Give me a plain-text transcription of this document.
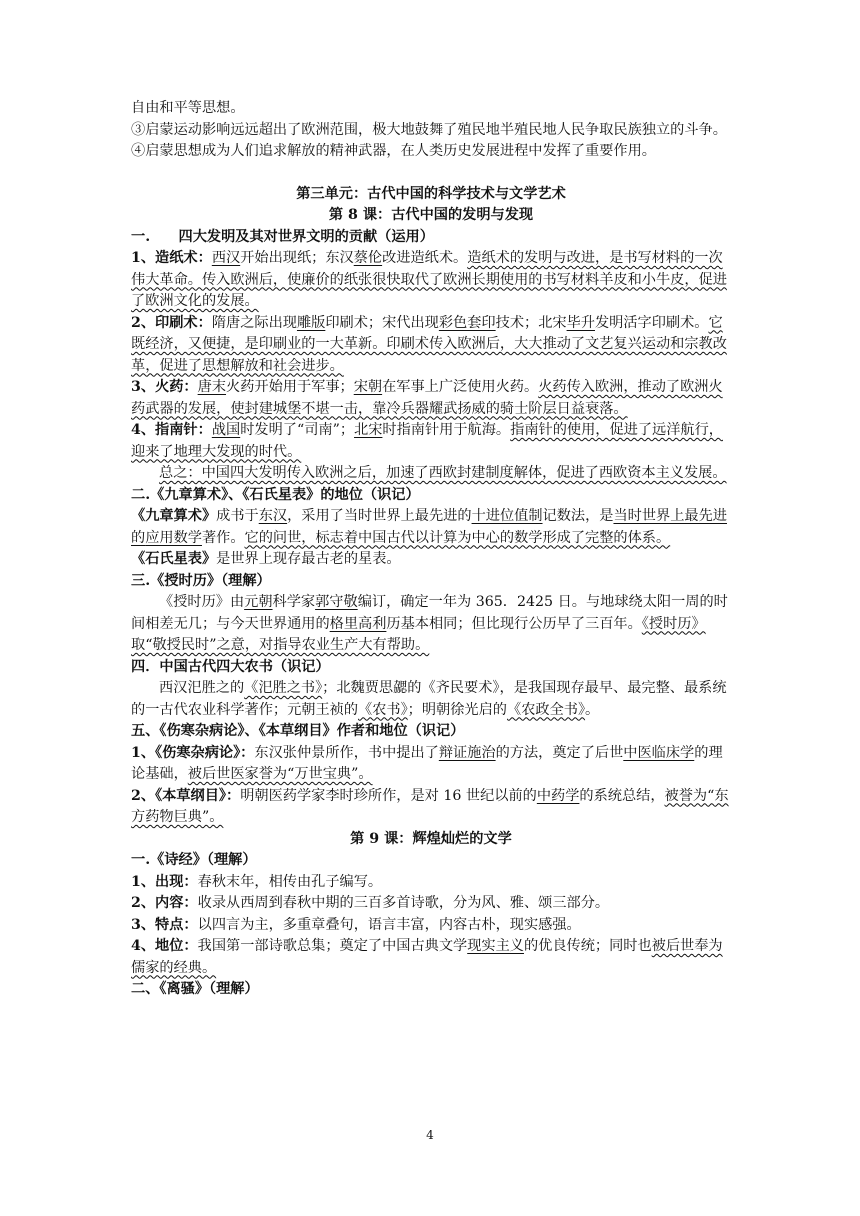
自由和平等思想。

③启蒙运动影响远远超出了欧洲范围，极大地鼓舞了殖民地半殖民地人民争取民族独立的斗争。

④启蒙思想成为人们追求解放的精神武器，在人类历史发展进程中发挥了重要作用。

第三单元：古代中国的科学技术与文学艺术

第 8 课：古代中国的发明与发现

一.　　四大发明及其对世界文明的贡献（运用）

1、造纸术：西汉开始出现纸；东汉蔡伦改进造纸术。造纸术的发明与改进，是书写材料的一次伟大革命。传入欧洲后，使廉价的纸张很快取代了欧洲长期使用的书写材料羊皮和小牛皮，促进了欧洲文化的发展。

2、印刷术：隋唐之际出现雕版印刷术；宋代出现彩色套印技术；北宋毕升发明活字印刷术。它既经济，又便捷，是印刷业的一大革新。印刷术传入欧洲后，大大推动了文艺复兴运动和宗教改革，促进了思想解放和社会进步。

3、火药：唐末火药开始用于军事；宋朝在军事上广泛使用火药。火药传入欧洲，推动了欧洲火药武器的发展，使封建城堡不堪一击，靠冷兵器耀武扬威的骑士阶层日益衰落。

4、指南针：战国时发明了“司南”；北宋时指南针用于航海。指南针的使用，促进了远洋航行，迎来了地理大发现的时代。

总之：中国四大发明传入欧洲之后，加速了西欧封建制度解体，促进了西欧资本主义发展。

二.《九章算术》、《石氏星表》的地位（识记）

《九章算术》成书于东汉，采用了当时世界上最先进的十进位值制记数法，是当时世界上最先进的应用数学著作。它的问世，标志着中国古代以计算为中心的数学形成了完整的体系。

《石氏星表》是世界上现存最古老的星表。

三.《授时历》（理解）

《授时历》由元朝科学家郭守敬编订，确定一年为 365．2425 日。与地球绕太阳一周的时间相差无几；与今天世界通用的格里高利历基本相同；但比现行公历早了三百年。《授时历》取“敬授民时”之意，对指导农业生产大有帮助。

四．中国古代四大农书（识记）

西汉汜胜之的《汜胜之书》；北魏贾思勰的《齐民要术》，是我国现存最早、最完整、最系统的一古代农业科学著作；元朝王祯的《农书》；明朝徐光启的《农政全书》。

五、《伤寒杂病论》、《本草纲目》作者和地位（识记）

1、《伤寒杂病论》：东汉张仲景所作，书中提出了辩证施治的方法，奠定了后世中医临床学的理论基础，被后世医家誉为“万世宝典”。

2、《本草纲目》：明朝医药学家李时珍所作，是对 16 世纪以前的中药学的系统总结，被誉为“东方药物巨典”。

第 9 课：辉煌灿烂的文学

一.《诗经》（理解）

1、出现：春秋末年，相传由孔子编写。

2、内容：收录从西周到春秋中期的三百多首诗歌，分为风、雅、颂三部分。

3、特点：以四言为主，多重章叠句，语言丰富，内容古朴，现实感强。

4、地位：我国第一部诗歌总集；奠定了中国古典文学现实主义的优良传统；同时也被后世奉为儒家的经典。

二、《离骚》（理解）

4
